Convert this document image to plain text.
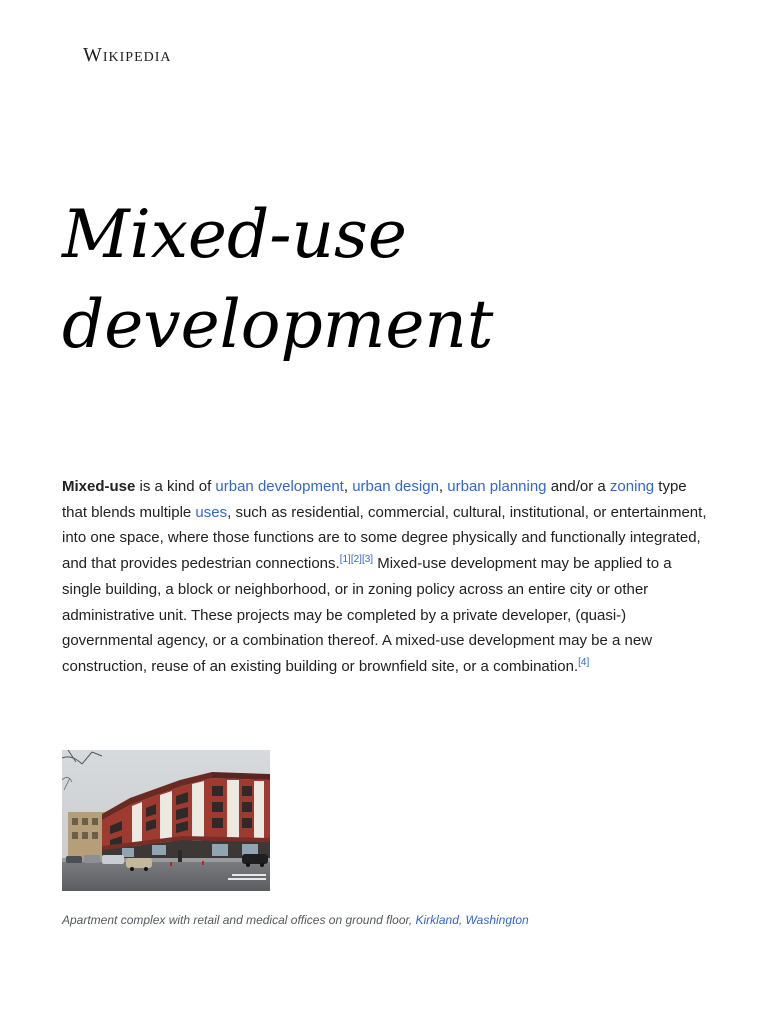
Wikipedia
Mixed-use
development

Mixed-use is a kind of urban development, urban design, urban planning and/or a zoning type that blends multiple uses, such as residential, commercial, cultural, institutional, or entertainment, into one space, where those functions are to some degree physically and functionally integrated, and that provides pedestrian connections.[1][2][3] Mixed-use development may be applied to a single building, a block or neighborhood, or in zoning policy across an entire city or other administrative unit. These projects may be completed by a private developer, (quasi-) governmental agency, or a combination thereof. A mixed-use development may be a new construction, reuse of an existing building or brownfield site, or a combination.[4]

Apartment complex with retail and medical offices on ground floor, Kirkland, Washington
